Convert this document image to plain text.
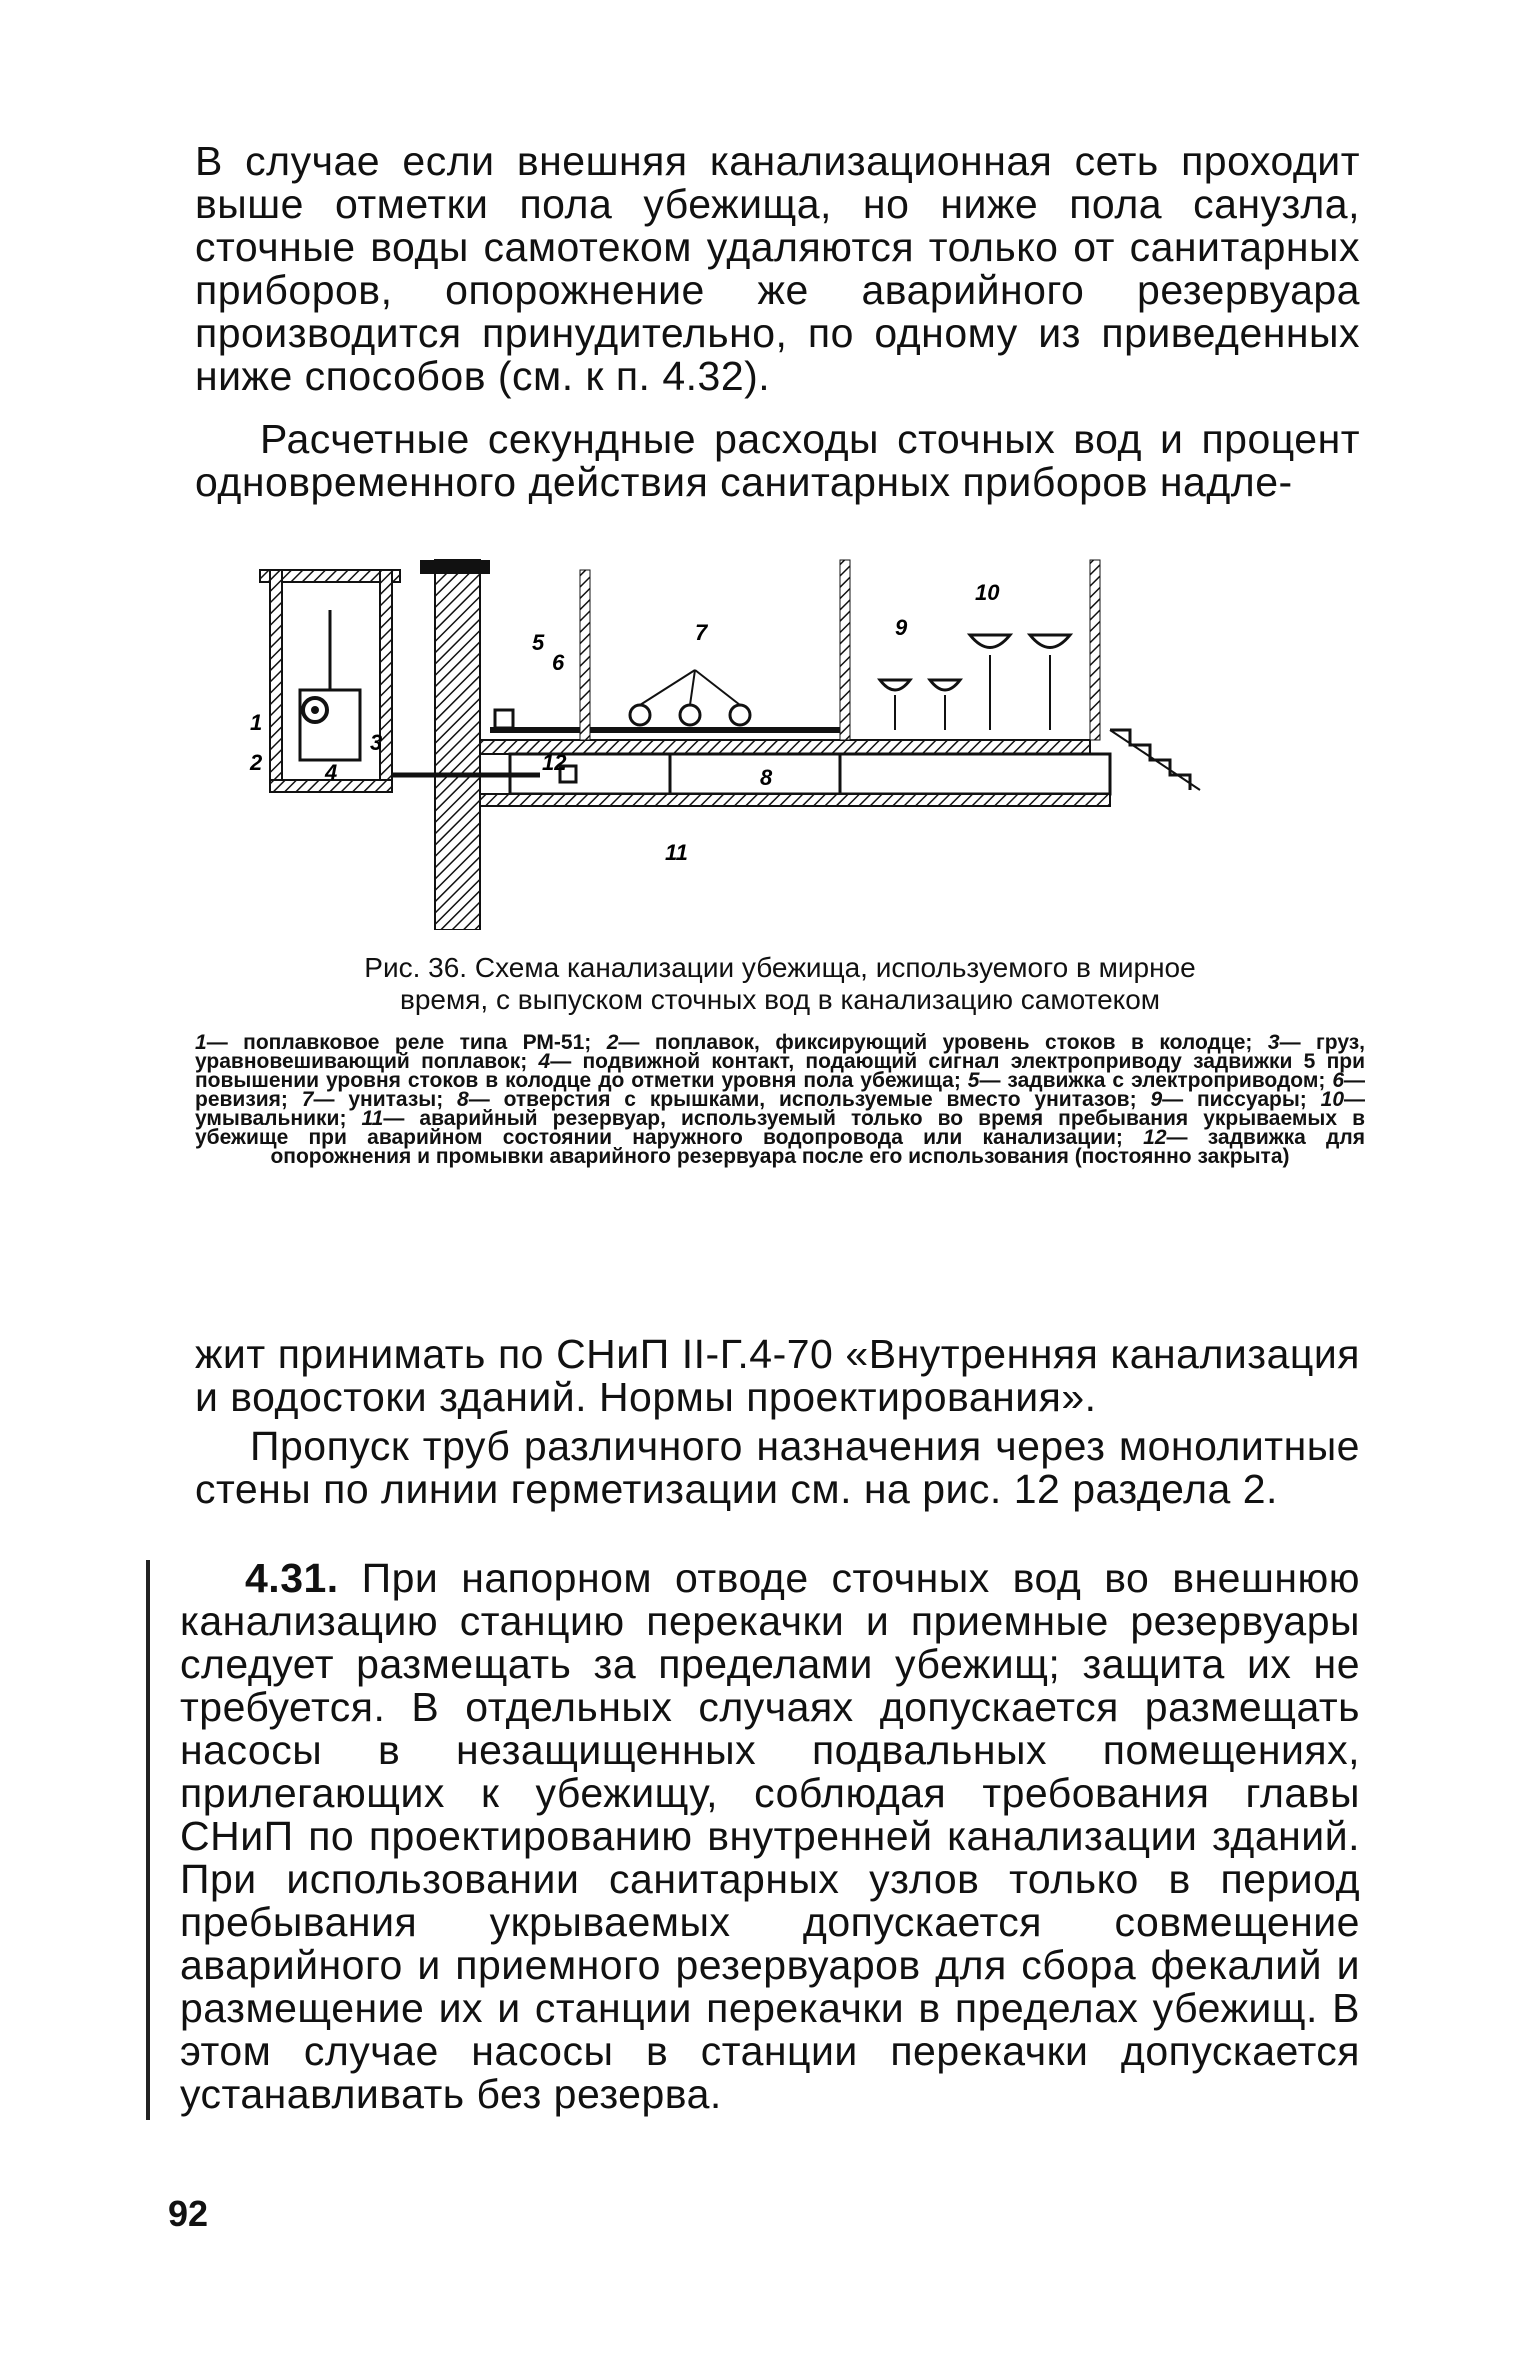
В случае если внешняя канализационная сеть проходит выше отметки пола убежища, но ниже пола санузла, сточные воды самотеком удаляются только от санитарных приборов, опорожнение же аварийного резервуара производится принудительно, по одному из приведенных ниже способов (см. к п. 4.32).

Расчетные секундные расходы сточных вод и процент одновременного действия санитарных приборов надле-

1
2
3
4
5
6
7
8
9
10
11
12

Рис. 36. Схема канализации убежища, используемого в мирное
время, с выпуском сточных вод в канализацию самотеком

1— поплавковое реле типа РМ-51; 2— поплавок, фиксирующий уровень стоков в колодце; 3— груз, уравновешивающий поплавок; 4— подвижной контакт, подающий сигнал электроприводу задвижки 5 при повышении уровня стоков в колодце до отметки уровня пола убежища; 5— задвижка с электроприводом; 6— ревизия; 7— унитазы; 8— отверстия с крышками, используемые вместо унитазов; 9— писсуары; 10— умывальники; 11— аварийный резервуар, используемый только во время пребывания укрываемых в убежище при аварийном состоянии наружного водопровода или канализации; 12— задвижка для опорожнения и промывки аварийного резервуара после его использования (постоянно закрыта)

жит принимать по СНиП II-Г.4-70 «Внутренняя канализация и водостоки зданий. Нормы проектирования».

Пропуск труб различного назначения через монолитные стены по линии герметизации см. на рис. 12 раздела 2.

4.31. При напорном отводе сточных вод во внешнюю канализацию станцию перекачки и приемные резервуары следует размещать за пределами убежищ; защита их не требуется. В отдельных случаях допускается размещать насосы в незащищенных подвальных помещениях, прилегающих к убежищу, соблюдая требования главы СНиП по проектированию внутренней канализации зданий. При использовании санитарных узлов только в период пребывания укрываемых допускается совмещение аварийного и приемного резервуаров для сбора фекалий и размещение их и станции перекачки в пределах убежищ. В этом случае насосы в станции перекачки допускается устанавливать без резерва.

92
